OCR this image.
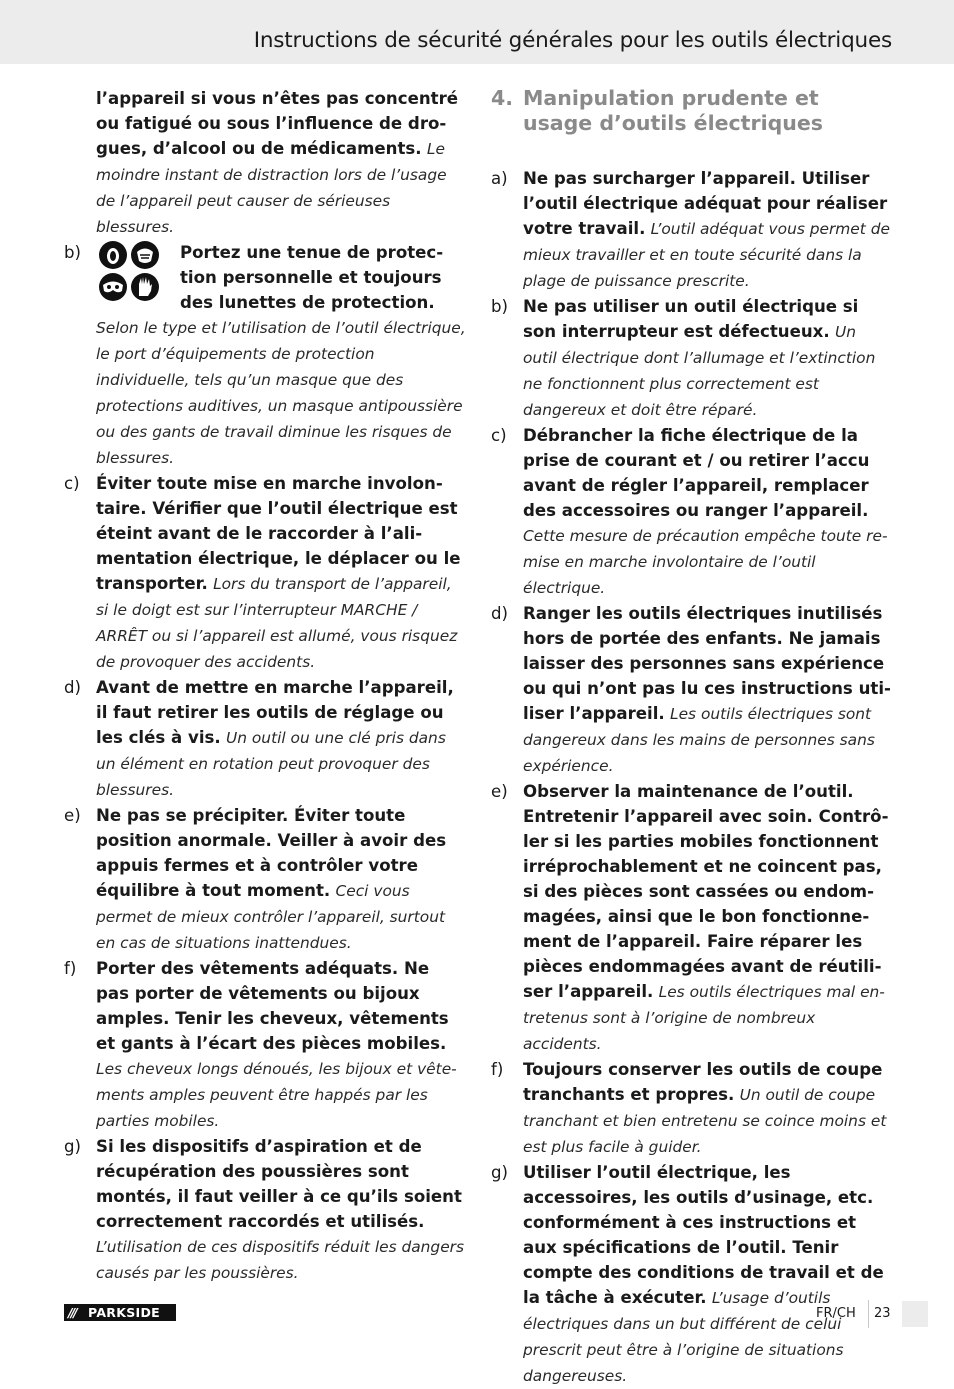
Instructions de sécurité générales pour les outils électriques
l’appareil si vous n’êtes pas concentré ou fatigué ou sous l’influence de drogues, d’alcool ou de médicaments. Le moindre instant de distraction lors de l’usage de l’appareil peut causer de sérieuses blessures.
b)	Portez une tenue de protection personnelle et toujours des lunettes de protection.
Selon le type et l’utilisation de l’outil électrique, le port d’équipements de protection individuelle, tels qu’un masque que des protections auditives, un masque antipoussière ou des gants de travail diminue les risques de blessures.
c) Éviter toute mise en marche involontaire. Vérifier que l’outil électrique est éteint avant de le raccorder à l’alimentation électrique, le déplacer ou le transporter. Lors du transport de l’appareil, si le doigt est sur l’interrupteur MARCHE / ARRÊT ou si l’appareil est allumé, vous risquez de provoquer des accidents.
d) Avant de mettre en marche l’appareil, il faut retirer les outils de réglage ou les clés à vis. Un outil ou une clé pris dans un élément en rotation peut provoquer des blessures.
e) Ne pas se précipiter. Éviter toute position anormale. Veiller à avoir des appuis fermes et à contrôler votre équilibre à tout moment. Ceci vous permet de mieux contrôler l’appareil, surtout en cas de situations inattendues.
f) Porter des vêtements adéquats. Ne pas porter de vêtements ou bijoux amples. Tenir les cheveux, vêtements et gants à l’écart des pièces mobiles. Les cheveux longs dénoués, les bijoux et vêtements amples peuvent être happés par les parties mobiles.
g) Si les dispositifs d’aspiration et de récupération des poussières sont montés, il faut veiller à ce qu’ils soient correctement raccordés et utilisés. L’utilisation de ces dispositifs réduit les dangers causés par les poussières.
4. Manipulation prudente et usage d’outils électriques
a) Ne pas surcharger l’appareil. Utiliser l’outil électrique adéquat pour réaliser votre travail. L’outil adéquat vous permet de mieux travailler et en toute sécurité dans la plage de puissance prescrite.
b) Ne pas utiliser un outil électrique si son interrupteur est défectueux. Un outil électrique dont l’allumage et l’extinction ne fonctionnent plus correctement est dangereux et doit être réparé.
c) Débrancher la fiche électrique de la prise de courant et / ou retirer l’accu avant de régler l’appareil, remplacer des accessoires ou ranger l’appareil. Cette mesure de précaution empêche toute remise en marche involontaire de l’outil électrique.
d) Ranger les outils électriques inutilisés hors de portée des enfants. Ne jamais laisser des personnes sans expérience ou qui n’ont pas lu ces instructions utiliser l’appareil. Les outils électriques sont dangereux dans les mains de personnes sans expérience.
e) Observer la maintenance de l’outil. Entretenir l’appareil avec soin. Contrôler si les parties mobiles fonctionnent irréprochablement et ne coincent pas, si des pièces sont cassées ou endommagées, ainsi que le bon fonctionnement de l’appareil. Faire réparer les pièces endommagées avant de réutiliser l’appareil. Les outils électriques mal entretenus sont à l’origine de nombreux accidents.
f) Toujours conserver les outils de coupe tranchants et propres. Un outil de coupe tranchant et bien entretenu se coince moins et est plus facile à guider.
g) Utiliser l’outil électrique, les accessoires, les outils d’usinage, etc. conformément à ces instructions et aux spécifications de l’outil. Tenir compte des conditions de travail et de la tâche à exécuter. L’usage d’outils électriques dans un but différent de celui prescrit peut être à l’origine de situations dangereuses.
/// PARKSIDE	FR/CH 23
